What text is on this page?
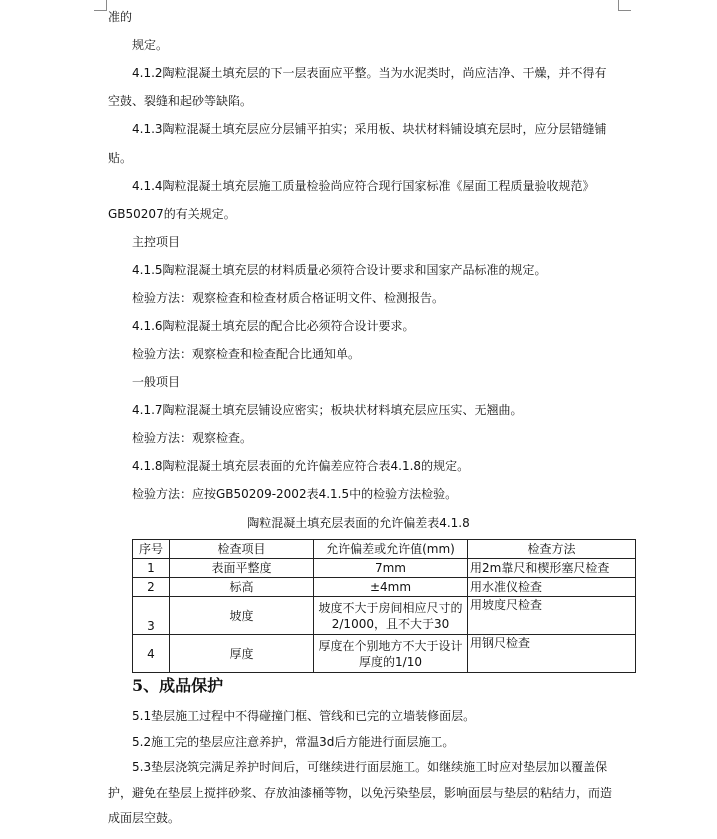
准的
规定。
4.1.2陶粒混凝土填充层的下一层表面应平整。当为水泥类时，尚应洁净、干燥，并不得有
空鼓、裂缝和起砂等缺陷。
4.1.3陶粒混凝土填充层应分层铺平拍实；采用板、块状材料铺设填充层时，应分层错缝铺
贴。
4.1.4陶粒混凝土填充层施工质量检验尚应符合现行国家标准《屋面工程质量验收规范》
GB50207的有关规定。
主控项目
4.1.5陶粒混凝土填充层的材料质量必须符合设计要求和国家产品标准的规定。
检验方法：观察检查和检查材质合格证明文件、检测报告。
4.1.6陶粒混凝土填充层的配合比必须符合设计要求。
检验方法：观察检查和检查配合比通知单。
一般项目
4.1.7陶粒混凝土填充层铺设应密实；板块状材料填充层应压实、无翘曲。
检验方法：观察检查。
4.1.8陶粒混凝土填充层表面的允许偏差应符合表4.1.8的规定。
检验方法：应按GB50209-2002表4.1.5中的检验方法检验。
陶粒混凝土填充层表面的允许偏差表4.1.8
序号	检查项目	允许偏差或允许值(mm)	检查方法
1	表面平整度	7mm	用2m靠尺和楔形塞尺检查
2	标高	±4mm	用水准仪检查
3	坡度	坡度不大于房间相应尺寸的
2/1000，且不大于30	用坡度尺检查
4	厚度	厚度在个别地方不大于设计
厚度的1/10	用钢尺检查
5、成品保护
5.1垫层施工过程中不得碰撞门框、管线和已完的立墙装修面层。
5.2施工完的垫层应注意养护，常温3d后方能进行面层施工。
5.3垫层浇筑完满足养护时间后，可继续进行面层施工。如继续施工时应对垫层加以覆盖保
护，避免在垫层上搅拌砂浆、存放油漆桶等物，以免污染垫层，影响面层与垫层的粘结力，而造
成面层空鼓。
